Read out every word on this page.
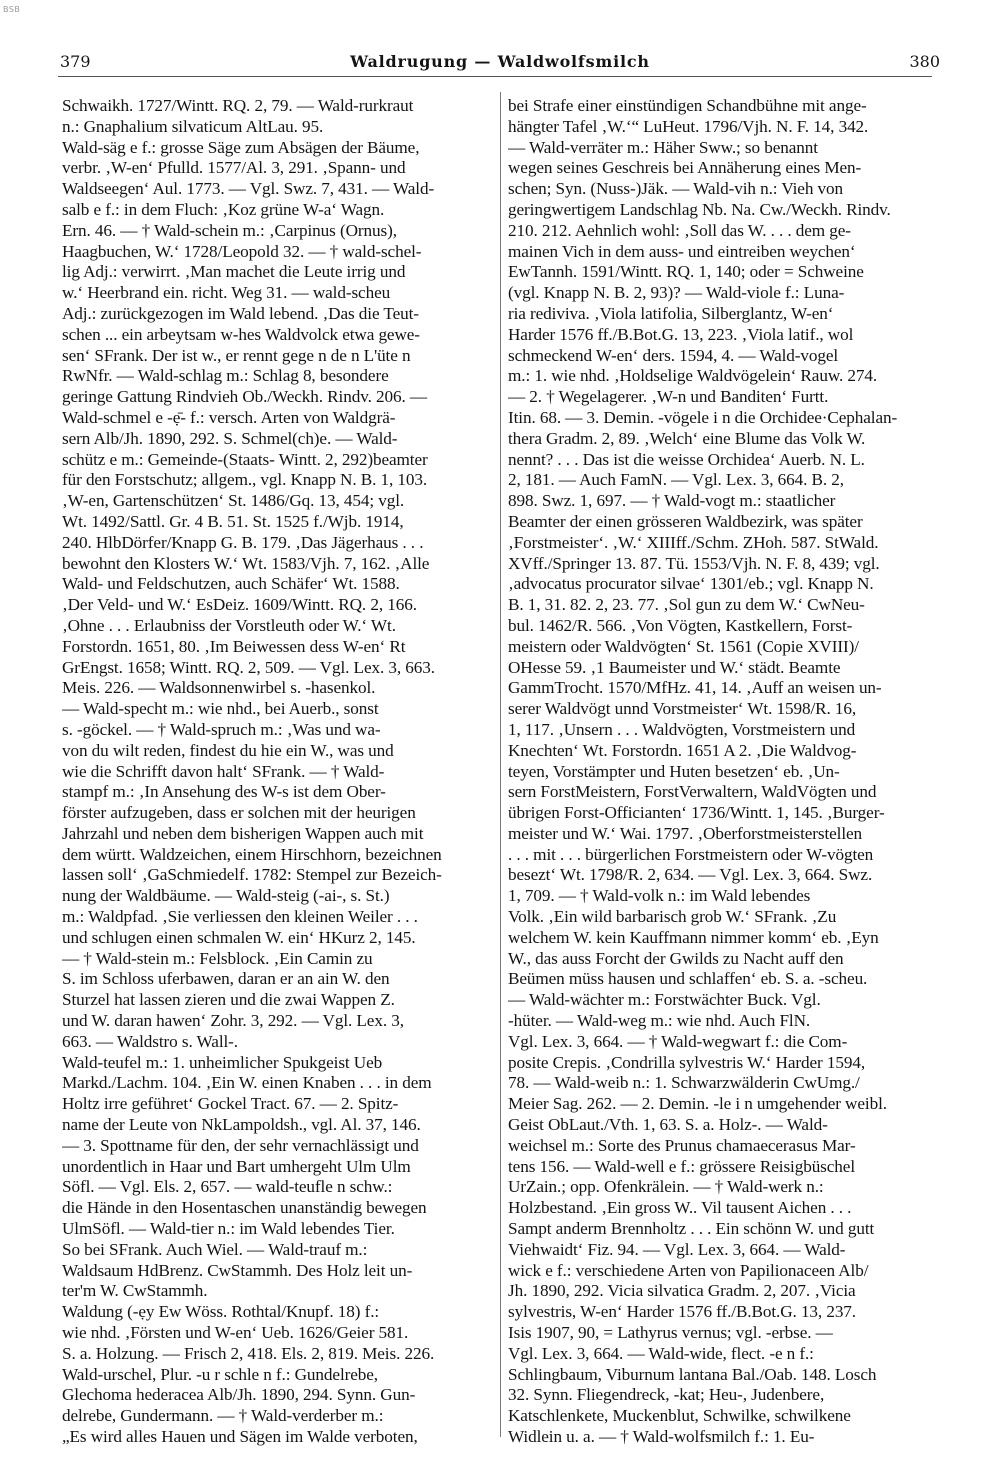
BSB
379	Waldrugung — Waldwolfsmilch	380
Schwaikh. 1727/Wintt. RQ. 2, 79. — Wald-rurkraut
n.: Gnaphalium silvaticum AltLau. 95.
Wald-säg e f.: grosse Säge zum Absägen der Bäume,
verbr. ‚W-en‘ Pfulld. 1577/Al. 3, 291. ‚Spann- und
Waldseegen‘ Aul. 1773. — Vgl. Swz. 7, 431. — Wald-
salb e f.: in dem Fluch: ‚Koz grüne W-a‘ Wagn.
Ern. 46. — † Wald-schein m.: ‚Carpinus (Ornus),
Haagbuchen, W.‘ 1728/Leopold 32. — † wald-schel-
lig Adj.: verwirrt. ‚Man machet die Leute irrig und
w.‘ Heerbrand ein. richt. Weg 31. — wald-scheu
Adj.: zurückgezogen im Wald lebend. ‚Das die Teut-
schen ... ein arbeytsam w-hes Waldvolck etwa gewe-
sen‘ SFrank. Der ist w., er rennt gege n de n L'üte n
RwNfr. — Wald-schlag m.: Schlag 8, besondere
geringe Gattung Rindvieh Ob./Weckh. Rindv. 206. —
Wald-schmel e -ẹ̄- f.: versch. Arten von Waldgrä-
sern Alb/Jh. 1890, 292. S. Schmel(ch)e. — Wald-
schütz e m.: Gemeinde-(Staats- Wintt. 2, 292)beamter
für den Forstschutz; allgem., vgl. Knapp N. B. 1, 103.
‚W-en, Gartenschützen‘ St. 1486/Gq. 13, 454; vgl.
Wt. 1492/Sattl. Gr. 4 B. 51. St. 1525 f./Wjb. 1914,
240. HlbDörfer/Knapp G. B. 179. ‚Das Jägerhaus . . .
bewohnt den Klosters W.‘ Wt. 1583/Vjh. 7, 162. ‚Alle
Wald- und Feldschutzen, auch Schäfer‘ Wt. 1588.
‚Der Veld- und W.‘ EsDeiz. 1609/Wintt. RQ. 2, 166.
‚Ohne . . . Erlaubniss der Vorstleuth oder W.‘ Wt.
Forstordn. 1651, 80. ‚Im Beiwessen dess W-en‘ Rt
GrEngst. 1658; Wintt. RQ. 2, 509. — Vgl. Lex. 3, 663.
Meis. 226. — Waldsonnenwirbel s. -hasenkol.
— Wald-specht m.: wie nhd., bei Auerb., sonst
s. -göckel. — † Wald-spruch m.: ‚Was und wa-
von du wilt reden, findest du hie ein W., was und
wie die Schrifft davon halt‘ SFrank. — † Wald-
stampf m.: ‚In Ansehung des W-s ist dem Ober-
förster aufzugeben, dass er solchen mit der heurigen
Jahrzahl und neben dem bisherigen Wappen auch mit
dem württ. Waldzeichen, einem Hirschhorn, bezeichnen
lassen soll‘ ‚GaSchmiedelf. 1782: Stempel zur Bezeich-
nung der Waldbäume. — Wald-steig (-ai-, s. St.)
m.: Waldpfad. ‚Sie verliessen den kleinen Weiler . . .
und schlugen einen schmalen W. ein‘ HKurz 2, 145.
— † Wald-stein m.: Felsblock. ‚Ein Camin zu
S. im Schloss uferbawen, daran er an ain W. den
Sturzel hat lassen zieren und die zwai Wappen Z.
und W. daran hawen‘ Zohr. 3, 292. — Vgl. Lex. 3,
663. — Waldstro s. Wall-.
Wald-teufel m.: 1. unheimlicher Spukgeist Ueb
Markd./Lachm. 104. ‚Ein W. einen Knaben . . . in dem
Holtz irre geführet‘ Gockel Tract. 67. — 2. Spitz-
name der Leute von NkLampoldsh., vgl. Al. 37, 146.
— 3. Spottname für den, der sehr vernachlässigt und
unordentlich in Haar und Bart umhergeht Ulm Ulm
Söfl. — Vgl. Els. 2, 657. — wald-teufle n schw.:
die Hände in den Hosentaschen unanständig bewegen
UlmSöfl. — Wald-tier n.: im Wald lebendes Tier.
So bei SFrank. Auch Wiel. — Wald-trauf m.:
Waldsaum HdBrenz. CwStammh. Des Holz leit un-
ter'm W. CwStammh.
Waldung (-ẹy Ew Wöss. Rothtal/Knupf. 18) f.:
wie nhd. ‚Försten und W-en‘ Ueb. 1626/Geier 581.
S. a. Holzung. — Frisch 2, 418. Els. 2, 819. Meis. 226.
Wald-urschel, Plur. -u r schle n f.: Gundelrebe,
Glechoma hederacea Alb/Jh. 1890, 294. Synn. Gun-
delrebe, Gundermann. — † Wald-verderber m.:
„Es wird alles Hauen und Sägen im Walde verboten,
bei Strafe einer einstündigen Schandbühne mit ange-
hängter Tafel ‚W.‘“ LuHeut. 1796/Vjh. N. F. 14, 342.
— Wald-verräter m.: Häher Sww.; so benannt
wegen seines Geschreis bei Annäherung eines Men-
schen; Syn. (Nuss-)Jäk. — Wald-vih n.: Vieh von
geringwertigem Landschlag Nb. Na. Cw./Weckh. Rindv.
210. 212. Aehnlich wohl: ‚Soll das W. . . . dem ge-
mainen Vich in dem auss- und eintreiben weychen‘
EwTannh. 1591/Wintt. RQ. 1, 140; oder = Schweine
(vgl. Knapp N. B. 2, 93)? — Wald-viole f.: Luna-
ria rediviva. ‚Viola latifolia, Silberglantz, W-en‘
Harder 1576 ff./B.Bot.G. 13, 223. ‚Viola latif., wol
schmeckend W-en‘ ders. 1594, 4. — Wald-vogel
m.: 1. wie nhd. ‚Holdselige Waldvögelein‘ Rauw. 274.
— 2. † Wegelagerer. ‚W-n und Banditen‘ Furtt.
Itin. 68. — 3. Demin. -vögele i n die Orchidee·Cephalan-
thera Gradm. 2, 89. ‚Welch‘ eine Blume das Volk W.
nennt? . . . Das ist die weisse Orchidea‘ Auerb. N. L.
2, 181. — Auch FamN. — Vgl. Lex. 3, 664. B. 2,
898. Swz. 1, 697. — † Wald-vogt m.: staatlicher
Beamter der einen grösseren Waldbezirk, was später
‚Forstmeister‘. ‚W.‘ XIIIff./Schm. ZHoh. 587. StWald.
XVff./Springer 13. 87. Tü. 1553/Vjh. N. F. 8, 439; vgl.
‚advocatus procurator silvae‘ 1301/eb.; vgl. Knapp N.
B. 1, 31. 82. 2, 23. 77. ‚Sol gun zu dem W.‘ CwNeu-
bul. 1462/R. 566. ‚Von Vögten, Kastkellern, Forst-
meistern oder Waldvögten‘ St. 1561 (Copie XVIII)/
OHesse 59. ‚1 Baumeister und W.‘ städt. Beamte
GammTrocht. 1570/MfHz. 41, 14. ‚Auff an weisen un-
serer Waldvögt unnd Vorstmeister‘ Wt. 1598/R. 16,
1, 117. ‚Unsern . . . Waldvögten, Vorstmeistern und
Knechten‘ Wt. Forstordn. 1651 A 2. ‚Die Waldvog-
teyen, Vorstämpter und Huten besetzen‘ eb. ‚Un-
sern ForstMeistern, ForstVerwaltern, WaldVögten und
übrigen Forst-Officianten‘ 1736/Wintt. 1, 145. ‚Burger-
meister und W.‘ Wai. 1797. ‚Oberforstmeisterstellen
. . . mit . . . bürgerlichen Forstmeistern oder W-vögten
besezt‘ Wt. 1798/R. 2, 634. — Vgl. Lex. 3, 664. Swz.
1, 709. — † Wald-volk n.: im Wald lebendes
Volk. ‚Ein wild barbarisch grob W.‘ SFrank. ‚Zu
welchem W. kein Kauffmann nimmer komm‘ eb. ‚Eyn
W., das auss Forcht der Gwilds zu Nacht auff den
Beümen müss hausen und schlaffen‘ eb. S. a. -scheu.
— Wald-wächter m.: Forstwächter Buck. Vgl.
-hüter. — Wald-weg m.: wie nhd. Auch FlN.
Vgl. Lex. 3, 664. — † Wald-wegwart f.: die Com-
posite Crepis. ‚Condrilla sylvestris W.‘ Harder 1594,
78. — Wald-weib n.: 1. Schwarzwälderin CwUmg./
Meier Sag. 262. — 2. Demin. -le i n umgehender weibl.
Geist ObLaut./Vth. 1, 63. S. a. Holz-. — Wald-
weichsel m.: Sorte des Prunus chamaecerasus Mar-
tens 156. — Wald-well e f.: grössere Reisigbüschel
UrZain.; opp. Ofenkrälein. — † Wald-werk n.:
Holzbestand. ‚Ein gross W.. Vil tausent Aichen . . .
Sampt anderm Brennholtz . . . Ein schönn W. und gutt
Viehwaidt‘ Fiz. 94. — Vgl. Lex. 3, 664. — Wald-
wick e f.: verschiedene Arten von Papilionaceen Alb/
Jh. 1890, 292. Vicia silvatica Gradm. 2, 207. ‚Vicia
sylvestris, W-en‘ Harder 1576 ff./B.Bot.G. 13, 237.
Isis 1907, 90, = Lathyrus vernus; vgl. -erbse. —
Vgl. Lex. 3, 664. — Wald-wide, flect. -e n f.:
Schlingbaum, Viburnum lantana Bal./Oab. 148. Losch
32. Synn. Fliegendreck, -kat; Heu-, Judenbere,
Katschlenkete, Muckenblut, Schwilke, schwilkene
Widlein u. a. — † Wald-wolfsmilch f.: 1. Eu-
